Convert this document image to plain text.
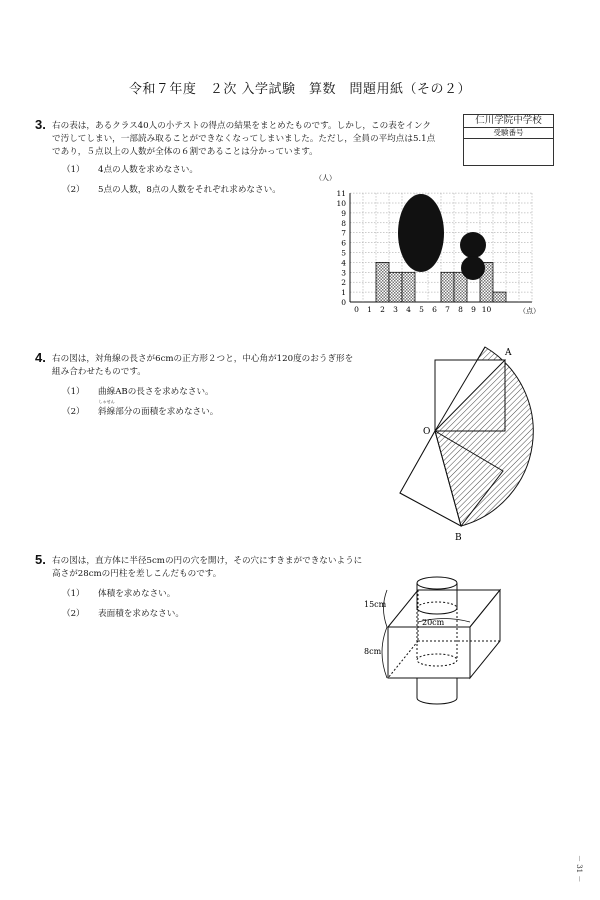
令和７年度　２次 入学試験　算数　問題用紙（その２）
仁川学院中学校
受験番号
3. 右の表は，あるクラス40人の小テストの得点の結果をまとめたものです。しかし，この表をインク
で汚してしまい，一部読み取ることができなくなってしまいました。ただし，全員の平均点は5.1点
であり，５点以上の人数が全体の６割であることは分かっています。
（1） 4点の人数を求めなさい。
（2） 5点の人数，8点の人数をそれぞれ求めなさい。
0
1
2
3
4
5
6
7
8
9
10
11
0 1 2 3 4 5 6 7 8 9 10
（人）
（点）
4. 右の図は，対角線の長さが6cmの正方形２つと，中心角が120度のおうぎ形を
組み合わせたものです。
（1） 曲線ABの長さを求めなさい。
（2）
しゃせん
斜線部分の面積を求めなさい。
A
B
O
5. 右の図は，直方体に半径5cmの円の穴を開け，その穴にすきまができないように
高さが28cmの円柱を差しこんだものです。
（1） 体積を求めなさい。
（2） 表面積を求めなさい。
15cm
20cm
8cm
－ 31 －
